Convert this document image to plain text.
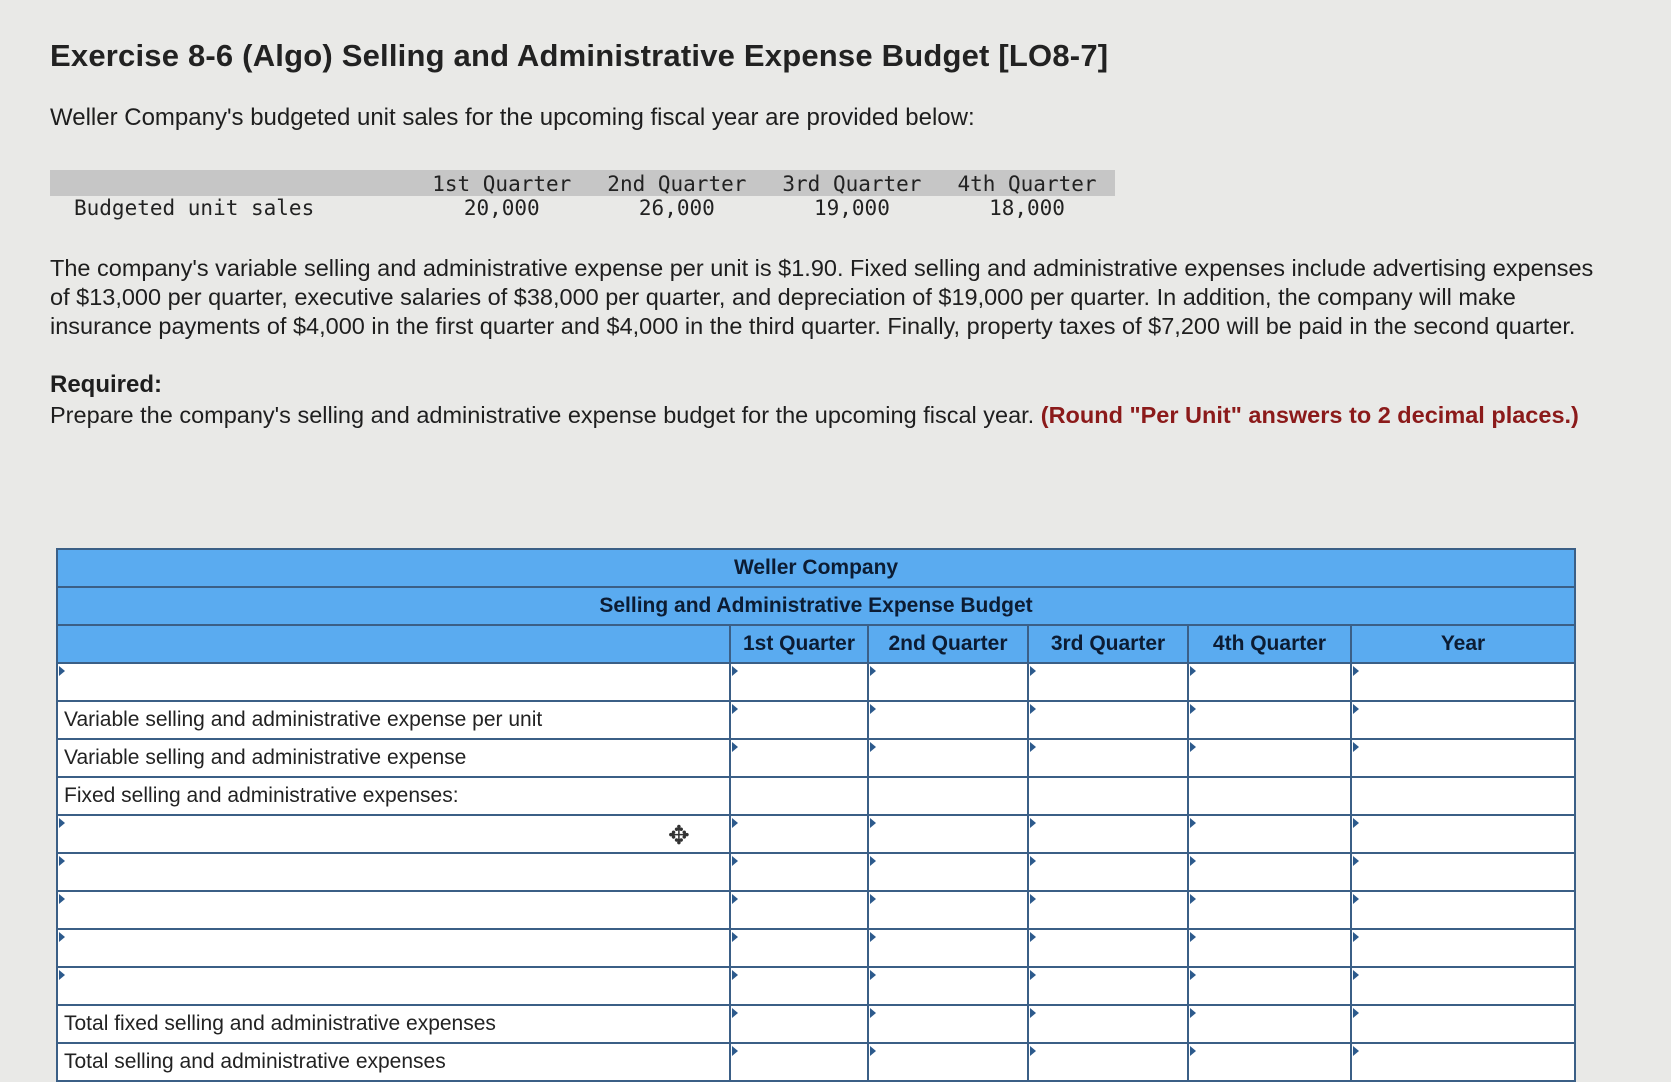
Exercise 8-6 (Algo) Selling and Administrative Expense Budget [LO8-7]

Weller Company's budgeted unit sales for the upcoming fiscal year are provided below:

	1st Quarter	2nd Quarter	3rd Quarter	4th Quarter
Budgeted unit sales	20,000	26,000	19,000	18,000

The company's variable selling and administrative expense per unit is $1.90. Fixed selling and administrative expenses include advertising expenses of $13,000 per quarter, executive salaries of $38,000 per quarter, and depreciation of $19,000 per quarter. In addition, the company will make insurance payments of $4,000 in the first quarter and $4,000 in the third quarter. Finally, property taxes of $7,200 will be paid in the second quarter.

Required:

Prepare the company's selling and administrative expense budget for the upcoming fiscal year. (Round "Per Unit" answers to 2 decimal places.)

Weller Company					
Selling and Administrative Expense Budget					
	1st Quarter	2nd Quarter	3rd Quarter	4th Quarter	Year

Variable selling and administrative expense per unit	

Variable selling and administrative expense	

Fixed selling and administrative expenses:					

Total fixed selling and administrative expenses	

Total selling and administrative expenses	

✥
